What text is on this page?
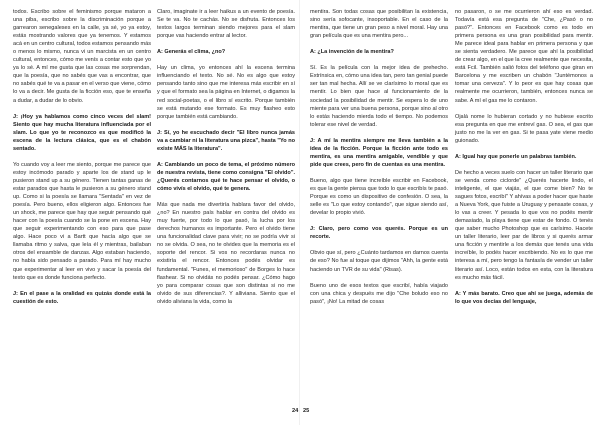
todos. Escribo sobre el feminismo porque mataron a una piba, escribo sobre la discriminación porque a garrearon senegaleses en la calle, ya sé, yo ya estoy, estás mostrando valores que ya tenemos. Y estamos acá en un centro cultural, todos estamos pensando más o menos lo mismo, nunca vi un marcista en un centro cultural, entonces, cómo me venís a contar esto que yo ya lo sé. A mí me gusta que las cosas me sorprendan, que la poesía, que no sabés que vas a encontrar, que no sabés qué te va a pasar en el verso que viene, cómo lo va a decir. Me gusta de la ficción eso, que te enseña a dudar, a dudar de lo obvio.

J: ¡Hoy ya hablamos como cinco veces del slam! Siento que hay mucha literatura influenciada por el slam. Lo que yo te reconozco es que modificó la escena de la lectura clásica, que es el chabón sentado.

Yo cuando voy a leer me siento, porque me parece que estoy incómodo parado y aparte los de stand up le pusieron stand up a su género. Tienen tantas ganas de estar parados que hasta le pusieron a su género stand up. Como si la poesía se llamara "Sentada" en vez de poesía. Pero bueno, ellos eligieron algo. Entonces fue un shock, me parece que hay que seguir pensando qué hacer con la poesía cuando se la pone en escena. Hay que seguir experimentando con eso para que pase algo. Hace poco vi a Bartt que hacía algo que se llamaba ritmo y salva, que leía él y mientras, bailaban otros del ensamble de danzas. Algo estaban haciendo, no había sido pensado a parado. Para mí hay mucho que experimentar al leer en vivo y sacar la poesía del texto que es donde funciona perfecto.

J: En el pase a la oralidad es quizás donde está la cuestión de esto.

Claro, imaginate ir a leer haikus a un evento de poesía. Se te va. No te cachás. No se disfruta. Entonces los textos largos terminan siendo mejores para el slam porque vas haciendo entrar al lector.

A: Generás el clima, ¿no?

Hay un clima, yo entonces ahí la escena termina influenciando el texto. No sé. No es algo que estoy pensando tanto sino que me interesa más escribir en sí y que el formato sea la página en Internet, o digamos la red social-poetas, o el libro sí escrito. Porque también se está mutando ese formato. Es muy flasheo esto porque también está cambiando.

J: Sí, yo he escuchado decir "El libro nunca jamás va a cambiar ni la literatura una pizca", hasta "Yo no existe MÁS la literatura".

A: Cambiando un poco de tema, el próximo número de nuestra revista, tiene como consigna "El olvido". ¿Querés contarnos qué te hace pensar el olvido, o cómo vivís el olvido, qué te genera.

Más que nada me divertiría hablara favor del olvido, ¿no? En nuestro país hablar en contra del olvido es muy fuerte, por todo lo que pasó, la lucha por los derechos humanos es importante. Pero el olvido tiene una funcionalidad clave para vivir; no se podría vivir si no se olvida. O sea, no te olvides que la memoria es el soporte del rencor. Si vos no recordaras nunca no existiría el rencor. Entonces podés olvidar es fundamental. "Funes, el memorioso" de Borges lo hace flashear. Si no olvidás no podés pensar. ¿Cómo hago yo para comparar cosas que son distintas si no me olvido de sus diferencias?. Y alliviana. Siento que el olvido aliviana la vida, como la

mentira. Son todas cosas que posibilitan la existencia, sino sería sofocante, insoportable. En el caso de la mentira, que tiene un gran peso a nivel moral. Hay una gran película que es una mentira pero...

A: ¿La invención de la mentira?

Sí. Es la película con la mejor idea de prehecho. Extrínsica en, cómo una idea tan, pero tan genial puede ser tan mal hecha. Allí se ve clarísimo lo moral que es mentir. Lo bien que hace al funcionamiento de la sociedad la posibilidad de mentir. Se espera lo de uno miente para ver una buena persona, porque sino al otro lo estás haciendo mierda todo el tiempo. No podemos tolerar ese nivel de verdad.

J: A mí la mentira siempre me lleva también a la idea de la ficción. Porque la ficción ante todo es mentira, es una mentira amigable, vendible y que pide que crees, pero fin de cuentas es una mentira.

Bueno, algo que tiene increíble escribir en Facebook, es que la gente piensa que todo lo que escribís te pasó. Porque es como un dispositivo de confesión. O sea, la selle es "Lo que estoy contando", que sigue siendo así, develar lo propio vivió.

J: Claro, pero como vos querés. Porque es un recorte.

Obvio que sí, pero ¿Cuánto tardamos en darnos cuenta de eso? No fue al toque que dijimos "Ahh, la gente está haciendo un TVR de su vida" (Risas).

Bueno uno de esos textos que escribí, había viajado con una chica y después me dijo "Che boludo eso no pasó", ¡No! La mitad de cosas

no pasaron, o se me ocurrieron ahí eso es verdad. Todavía está esa pregunta de "Che, ¿Pasó o no pasó?". Entonces en Facebook como es todo en primera persona es una gran posibilidad para mentir. Me parece ideal para hablar en primera persona y que se sienta verdadero. Me parece que ahí la posibilidad de crear algo, en el que la cree realmente que necesita, está Fcil. También salió fotos del teléfono que giran en Barcelona y me escriben un chabón "Juntémonos a tomar una cerveza". Y lo peor es que hay cosas que realmente me ocurrieron, también, entonces nunca se sabe. A mí el gas me lo contaron.

Ojalá nome lo hubieran cortado y no hubiese escrito esa pregunta en que me entreví gas. O sea, el gas que justo no me la ver en gas. Si te pasa yate viene medio guionado.

A: Igual hay que ponerle un palabras también.

De hecho a veces suelo con hacer un taller literario que se venda como ciclorde" ¿Querés hacerte lindo, el inteligente, el que viajás, el que come bien? No te sagues fotos, escribí" Y ahívas a poder hacer que haste a Nueva York, que fuiste a Uruguay y pensaste cosas, y lo vas a creer. Y pesada lo que vos no podés mentir demasiado, la playa tiene que estar de fondo. O tenés que saber mucho Photoshop que es carísimo. Hacete un taller literario, leer par de libros y si querés armar una ficción y mentirle a los demás que tenés una vida increíble, lo podés hacer escribiendo. No es lo que me interesa a mí, pero tengo la fantasía de vender un taller literario así. Loco, están todos en esta, con la literatura es mucho más fácil.

A: Y más barato. Creo que ahí se juega, además de lo que vos decías del lenguaje,

24 25
